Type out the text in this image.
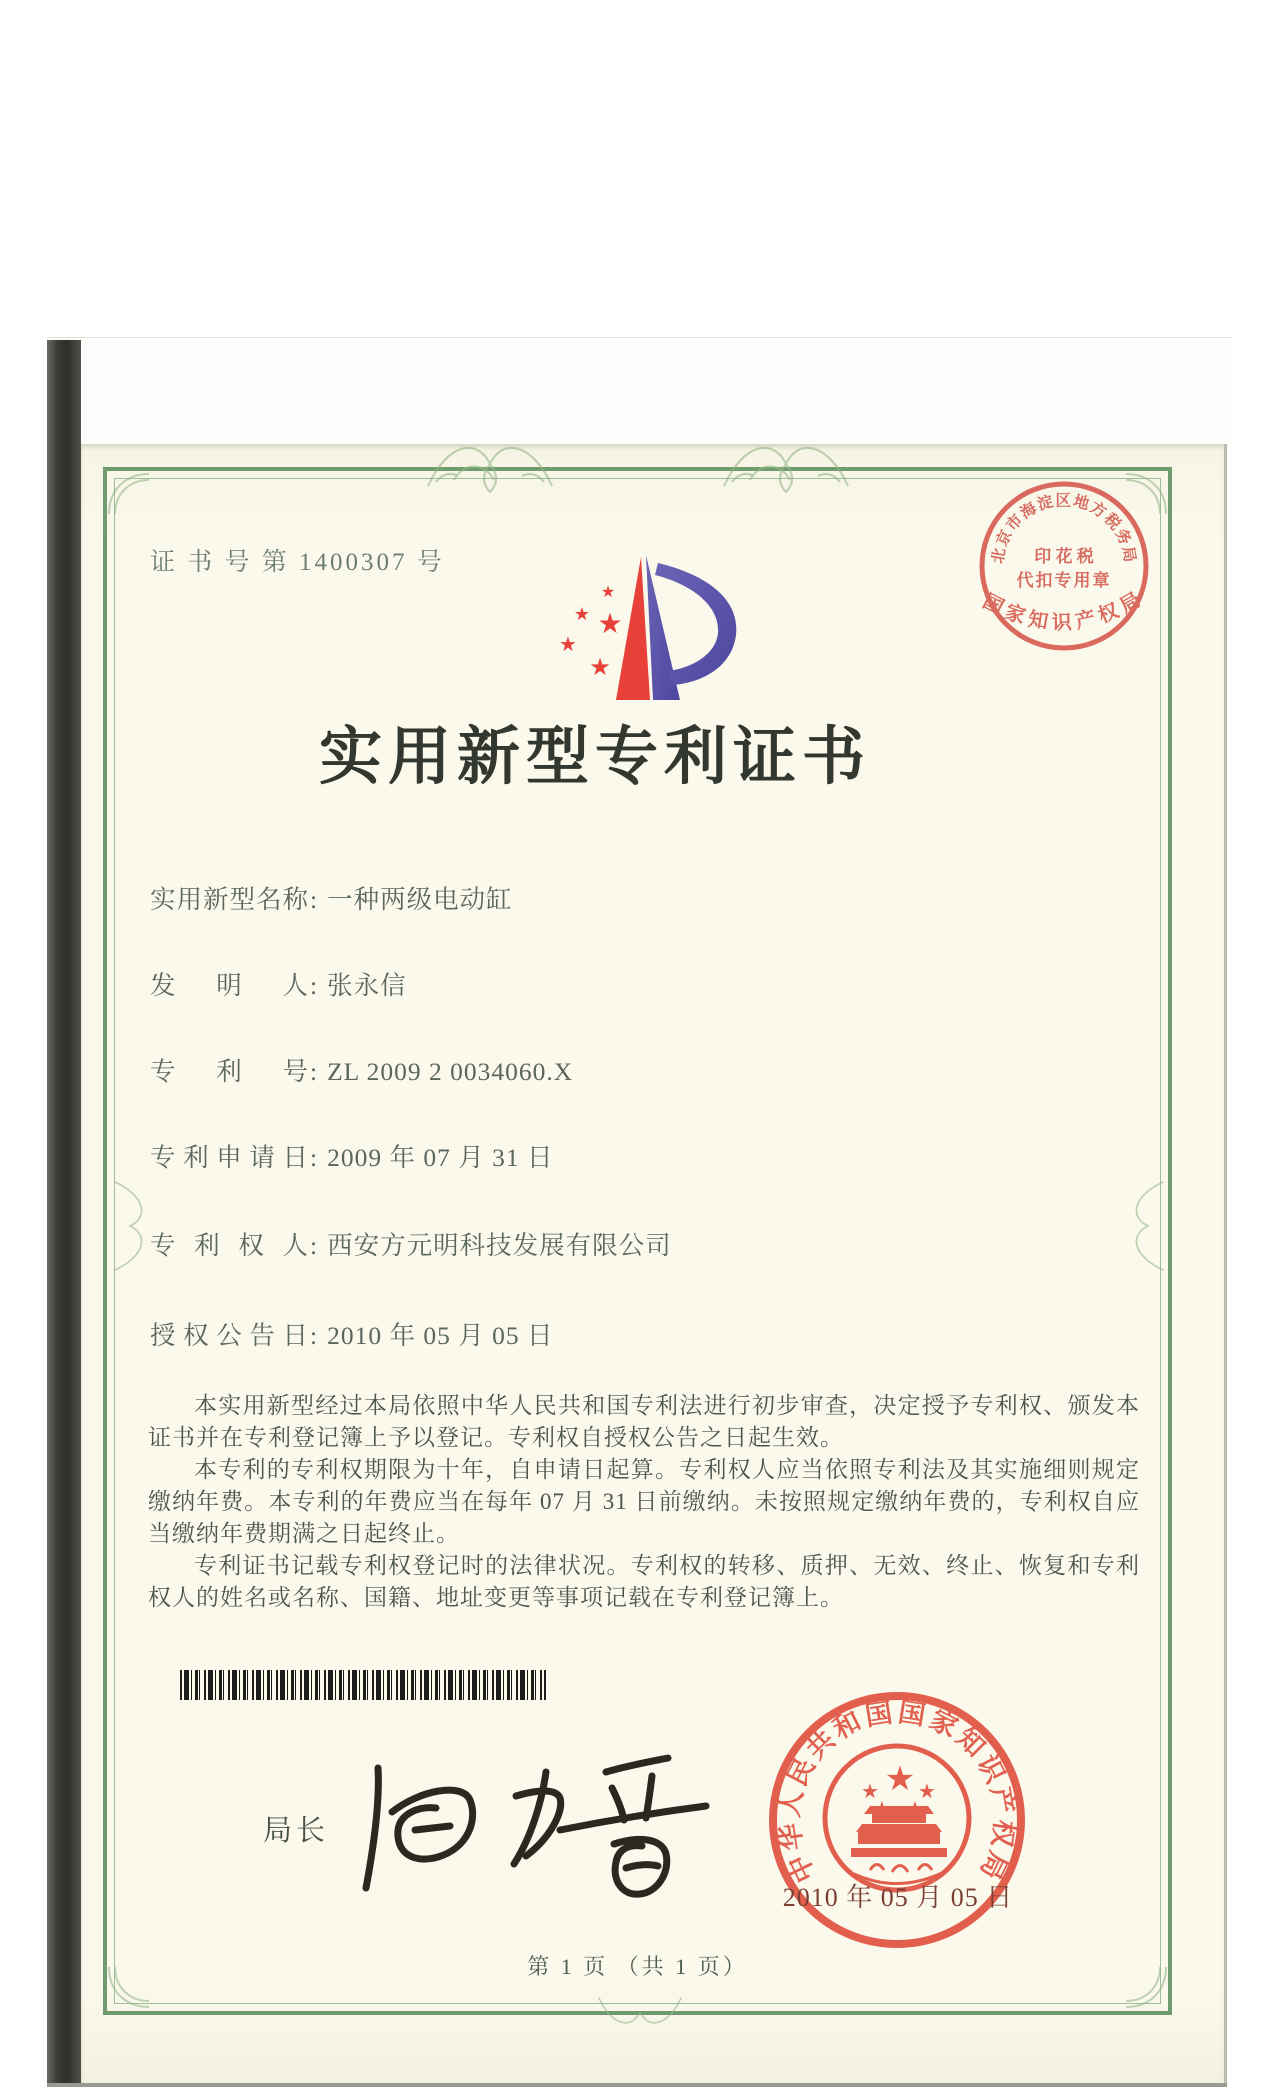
证 书 号 第 1400307 号
★
★ ★
★
★
实用新型专利证书
北京市海淀区地方税务局
印 花 税
代扣专用章
国家知识产权局
实用新型名称: 一种两级电动缸
发明人: 张永信
专利号: ZL 2009 2 0034060.X
专利申请日: 2009 年 07 月 31 日
专利权人: 西安方元明科技发展有限公司
授权公告日: 2010 年 05 月 05 日

本实用新型经过本局依照中华人民共和国专利法进行初步审查，决定授予专利权、颁发本证书并在专利登记簿上予以登记。专利权自授权公告之日起生效。

本专利的专利权期限为十年，自申请日起算。专利权人应当依照专利法及其实施细则规定缴纳年费。本专利的年费应当在每年 07 月 31 日前缴纳。未按照规定缴纳年费的，专利权自应当缴纳年费期满之日起终止。

专利证书记载专利权登记时的法律状况。专利权的转移、质押、无效、终止、恢复和专利权人的姓名或名称、国籍、地址变更等事项记载在专利登记簿上。

局长
中华人民共和国国家知识产权局
★
★ ★
2010 年 05 月 05 日
第 1 页 （共 1 页）
